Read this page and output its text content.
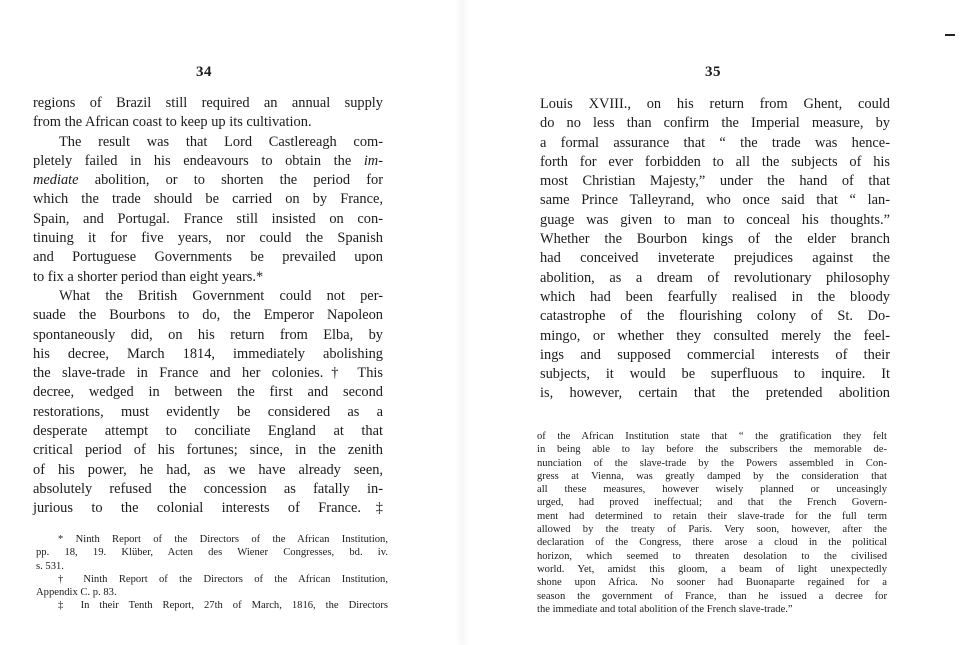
34
regions of Brazil still required an annual supply
from the African coast to keep up its cultivation.
The result was that Lord Castlereagh com-
pletely failed in his endeavours to obtain the im-
mediate abolition, or to shorten the period for
which the trade should be carried on by France,
Spain, and Portugal. France still insisted on con-
tinuing it for five years, nor could the Spanish
and Portuguese Governments be prevailed upon
to fix a shorter period than eight years.*
What the British Government could not per-
suade the Bourbons to do, the Emperor Napoleon
spontaneously did, on his return from Elba, by
his decree, March 1814, immediately abolishing
the slave-trade in France and her colonies.† This
decree, wedged in between the first and second
restorations, must evidently be considered as a
desperate attempt to conciliate England at that
critical period of his fortunes; since, in the zenith
of his power, he had, as we have already seen,
absolutely refused the concession as fatally in-
jurious to the colonial interests of France.‡
* Ninth Report of the Directors of the African Institution,
pp. 18, 19. Klüber, Acten des Wiener Congresses, bd. iv.
s. 531.
† Ninth Report of the Directors of the African Institution,
Appendix C. p. 83.
‡ In their Tenth Report, 27th of March, 1816, the Directors
35
Louis XVIII., on his return from Ghent, could
do no less than confirm the Imperial measure, by
a formal assurance that “ the trade was hence-
forth for ever forbidden to all the subjects of his
most Christian Majesty,” under the hand of that
same Prince Talleyrand, who once said that “ lan-
guage was given to man to conceal his thoughts.”
Whether the Bourbon kings of the elder branch
had conceived inveterate prejudices against the
abolition, as a dream of revolutionary philosophy
which had been fearfully realised in the bloody
catastrophe of the flourishing colony of St. Do-
mingo, or whether they consulted merely the feel-
ings and supposed commercial interests of their
subjects, it would be superfluous to inquire. It
is, however, certain that the pretended abolition
of the African Institution state that “ the gratification they felt
in being able to lay before the subscribers the memorable de-
nunciation of the slave-trade by the Powers assembled in Con-
gress at Vienna, was greatly damped by the consideration that
all these measures, however wisely planned or unceasingly
urged, had proved ineffectual; and that the French Govern-
ment had determined to retain their slave-trade for the full term
allowed by the treaty of Paris. Very soon, however, after the
declaration of the Congress, there arose a cloud in the political
horizon, which seemed to threaten desolation to the civilised
world. Yet, amidst this gloom, a beam of light unexpectedly
shone upon Africa. No sooner had Buonaparte regained for a
season the government of France, than he issued a decree for
the immediate and total abolition of the French slave-trade.”
